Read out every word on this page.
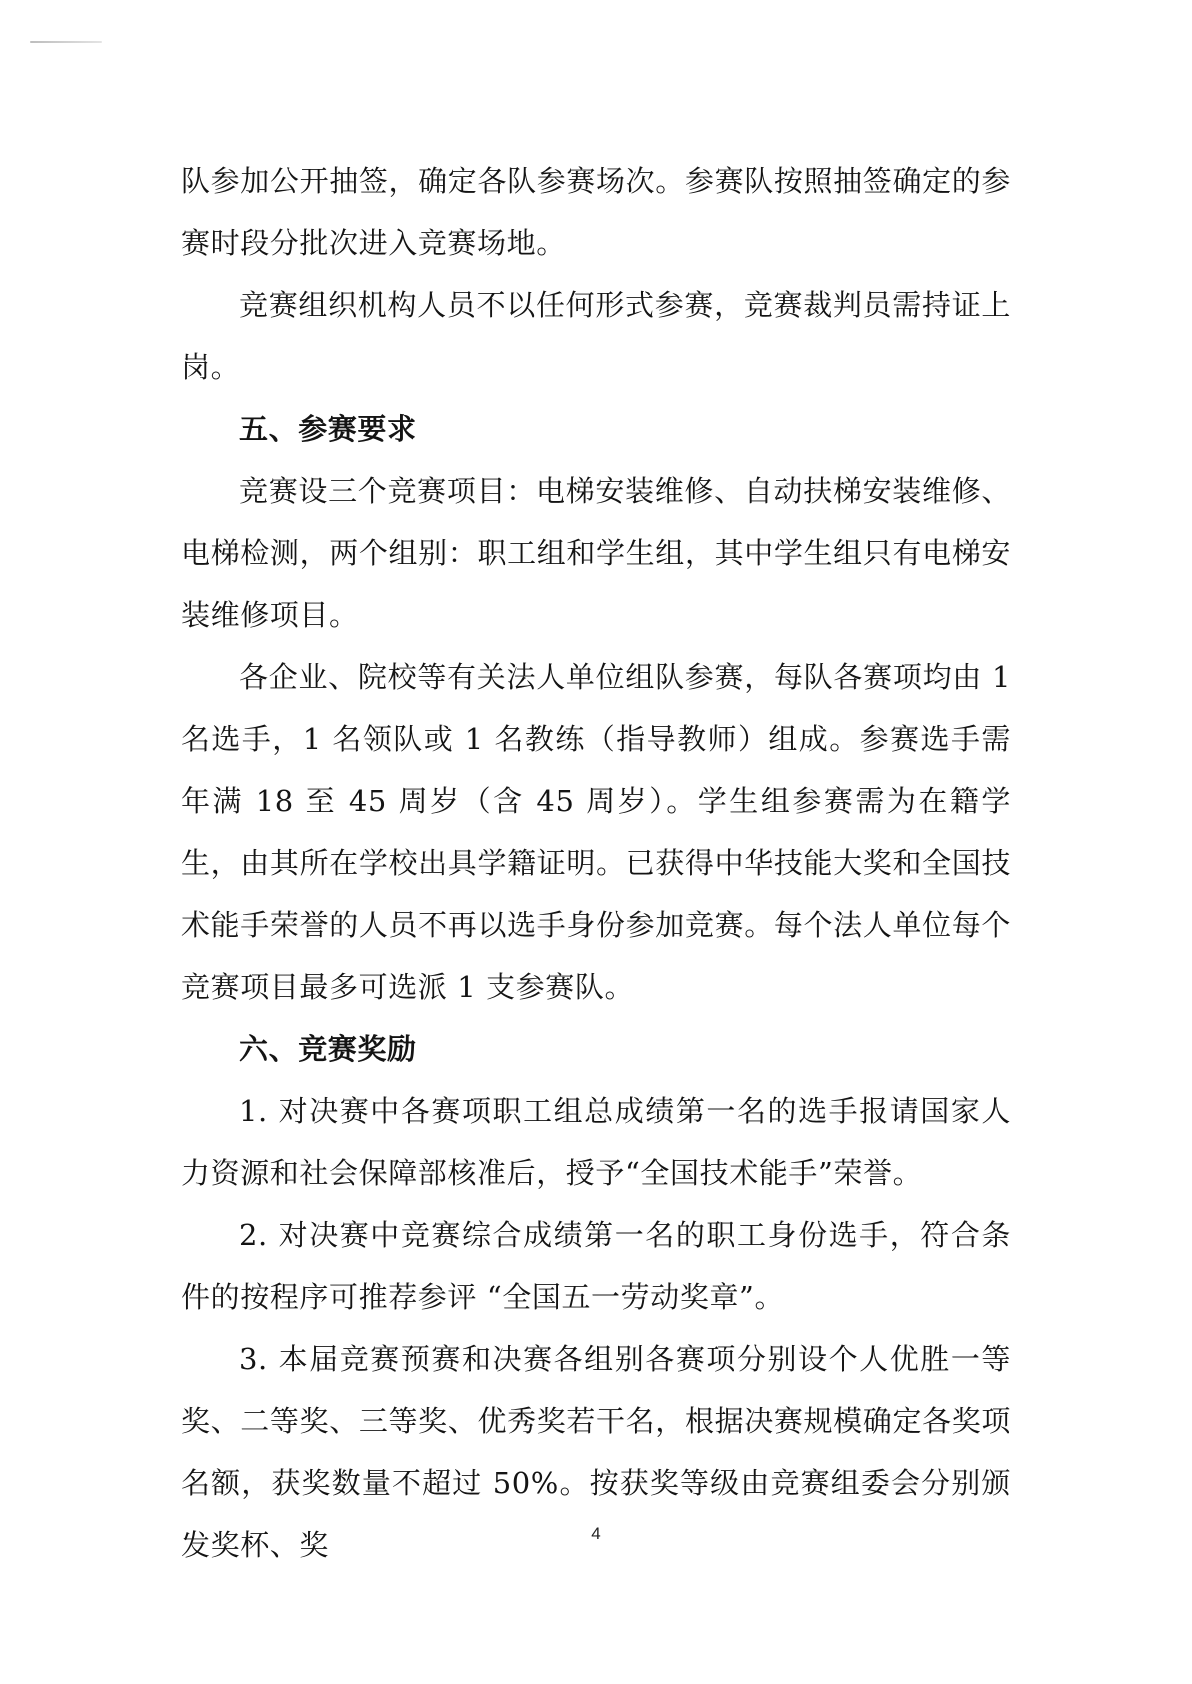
队参加公开抽签，确定各队参赛场次。参赛队按照抽签确定的参赛时段分批次进入竞赛场地。

竞赛组织机构人员不以任何形式参赛，竞赛裁判员需持证上岗。

五、参赛要求

竞赛设三个竞赛项目：电梯安装维修、自动扶梯安装维修、电梯检测，两个组别：职工组和学生组，其中学生组只有电梯安装维修项目。

各企业、院校等有关法人单位组队参赛，每队各赛项均由 1 名选手，1 名领队或 1 名教练（指导教师）组成。参赛选手需年满 18 至 45 周岁（含 45 周岁）。学生组参赛需为在籍学生，由其所在学校出具学籍证明。已获得中华技能大奖和全国技术能手荣誉的人员不再以选手身份参加竞赛。每个法人单位每个竞赛项目最多可选派 1 支参赛队。

六、竞赛奖励

1. 对决赛中各赛项职工组总成绩第一名的选手报请国家人力资源和社会保障部核准后，授予“全国技术能手”荣誉。

2. 对决赛中竞赛综合成绩第一名的职工身份选手，符合条件的按程序可推荐参评 “全国五一劳动奖章”。

3. 本届竞赛预赛和决赛各组别各赛项分别设个人优胜一等奖、二等奖、三等奖、优秀奖若干名，根据决赛规模确定各奖项名额，获奖数量不超过 50%。按获奖等级由竞赛组委会分别颁发奖杯、奖	4
